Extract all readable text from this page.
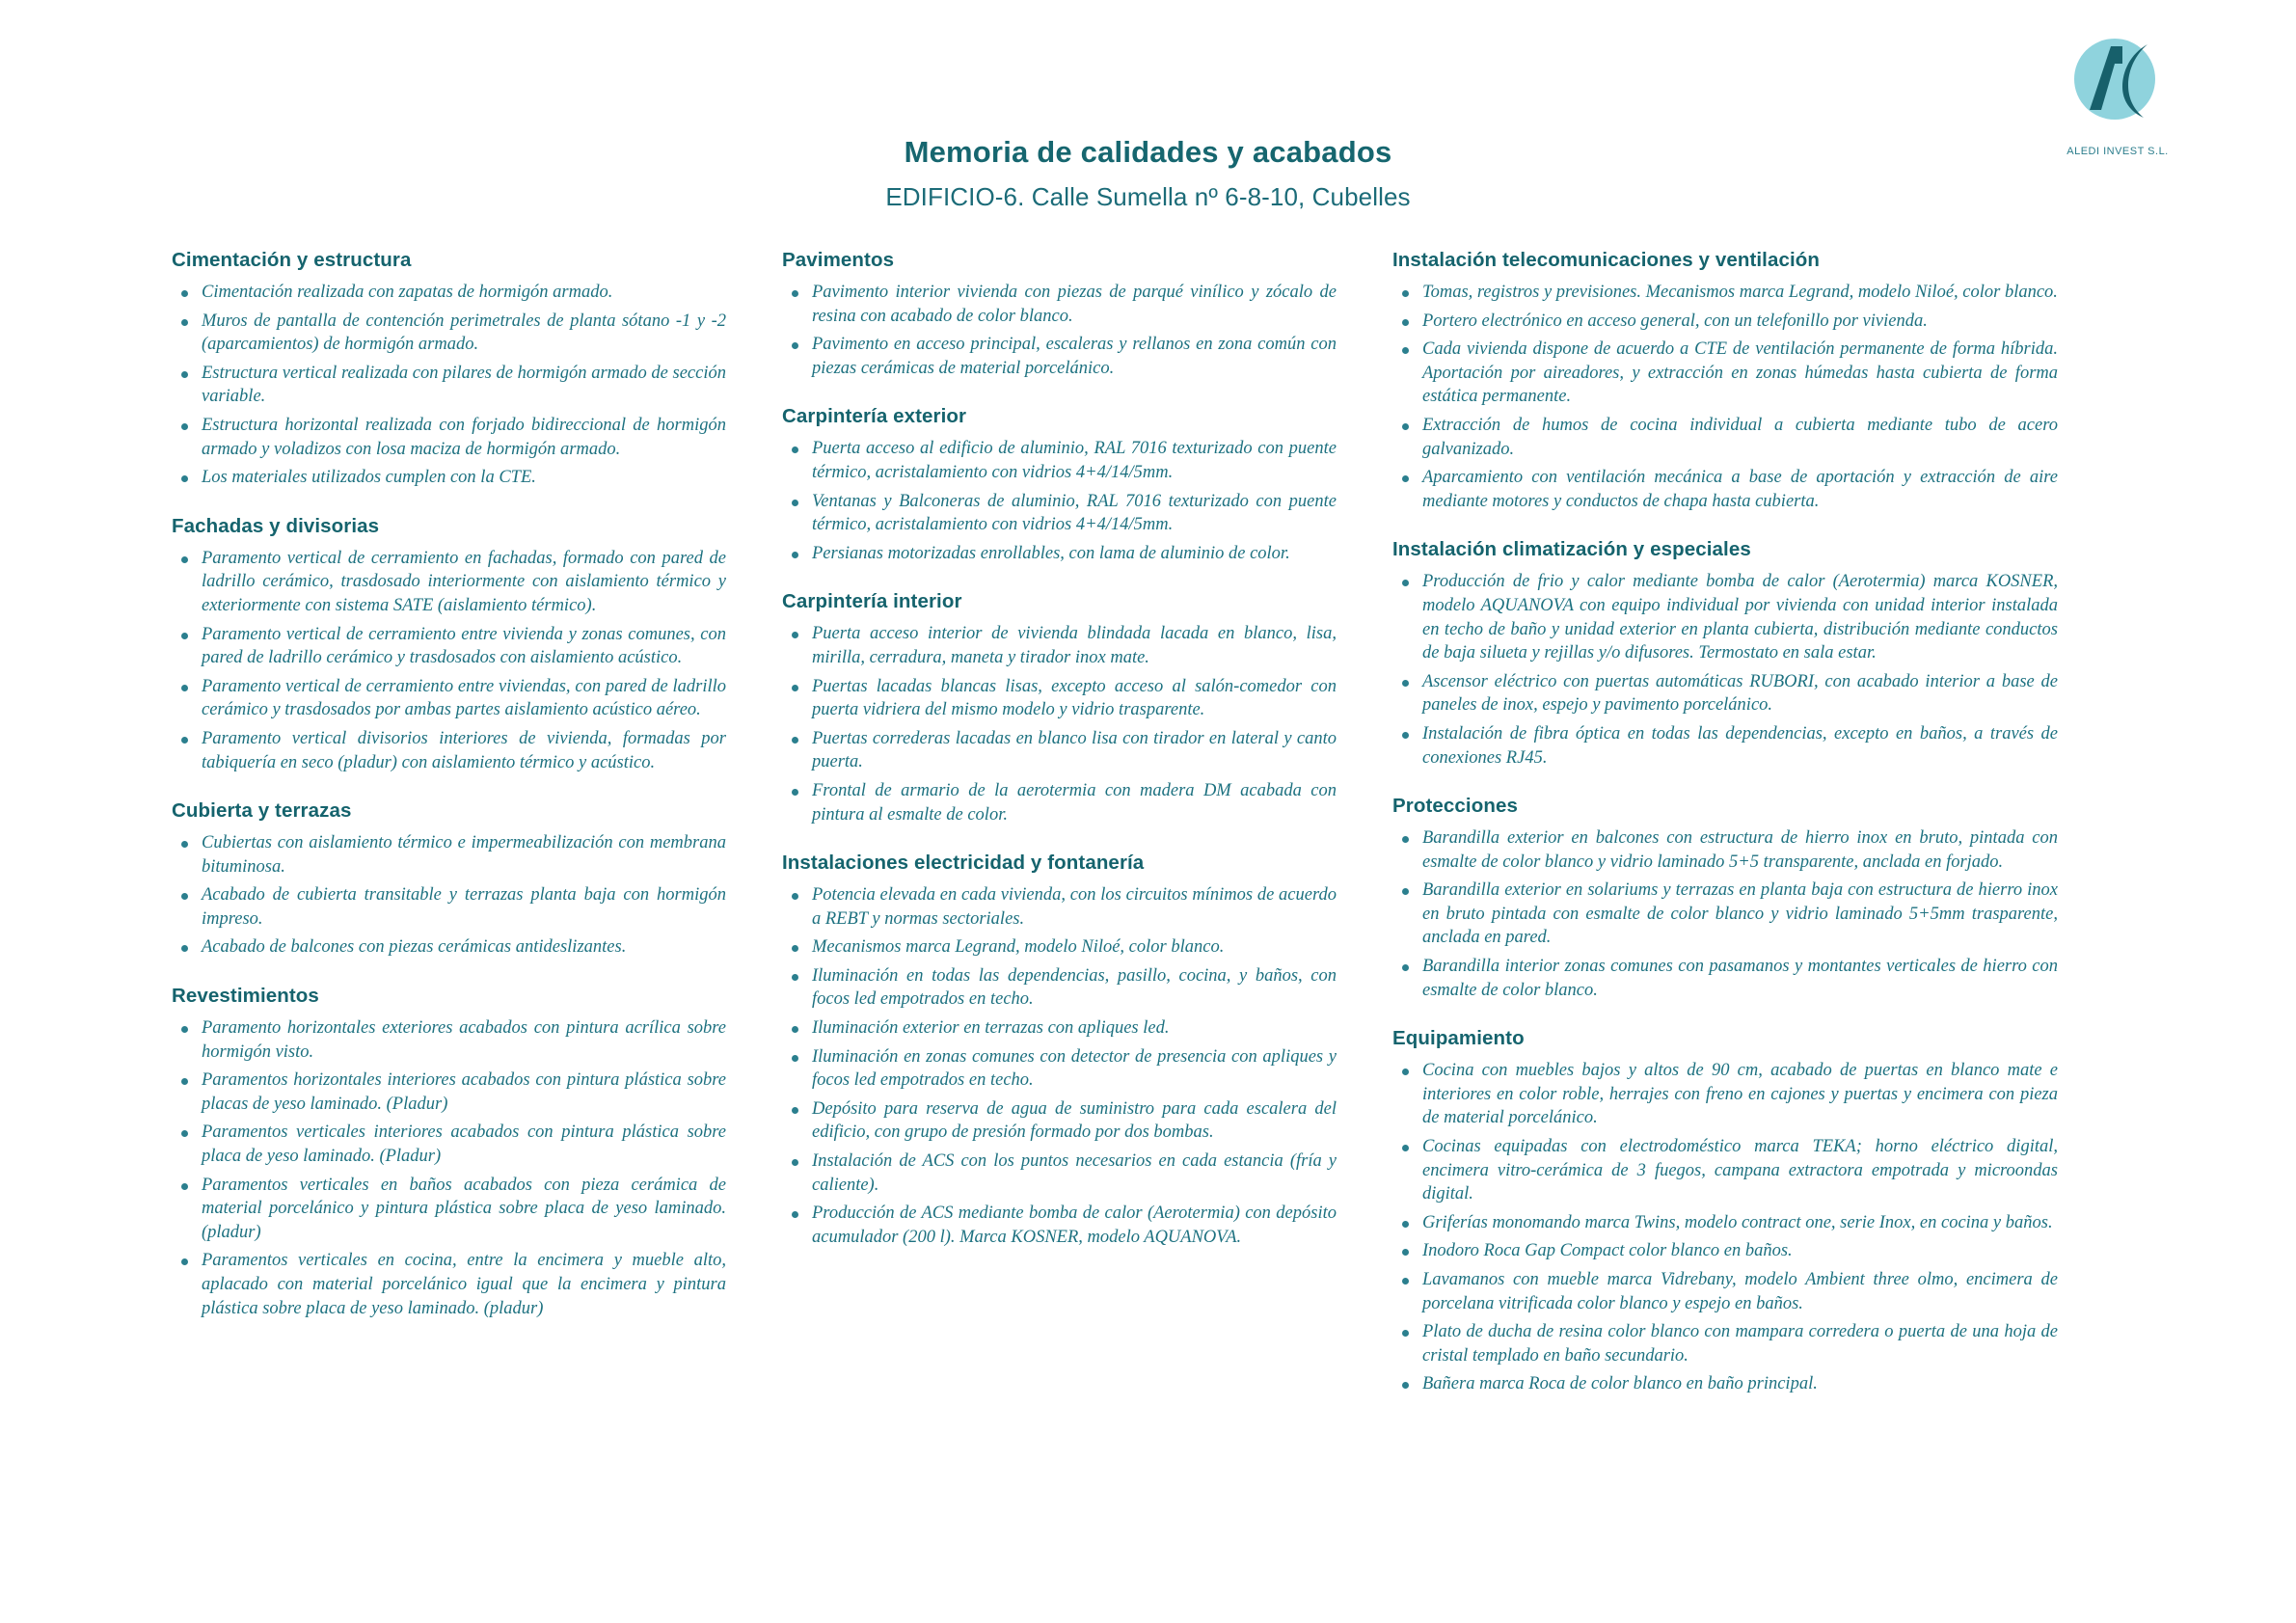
ALEDI INVEST S.L.
Memoria de calidades y acabados
EDIFICIO-6. Calle Sumella nº 6-8-10, Cubelles
Cimentación y estructura
Cimentación realizada con zapatas de hormigón armado.
Muros de pantalla de contención perimetrales de planta sótano -1 y -2 (aparcamientos) de hormigón armado.
Estructura vertical realizada con pilares de hormigón armado de sección variable.
Estructura horizontal realizada con forjado bidireccional de hormigón armado y voladizos con losa maciza de hormigón armado.
Los materiales utilizados cumplen con la CTE.
Fachadas y divisorias
Paramento vertical de cerramiento en fachadas, formado con pared de ladrillo cerámico, trasdosado interiormente con aislamiento térmico y exteriormente con sistema SATE (aislamiento térmico).
Paramento vertical de cerramiento entre vivienda y zonas comunes, con pared de ladrillo cerámico y trasdosados con aislamiento acústico.
Paramento vertical de cerramiento entre viviendas, con pared de ladrillo cerámico y trasdosados por ambas partes aislamiento acústico aéreo.
Paramento vertical divisorios interiores de vivienda, formadas por tabiquería en seco (pladur) con aislamiento térmico y acústico.
Cubierta y terrazas
Cubiertas con aislamiento térmico e impermeabilización con membrana bituminosa.
Acabado de cubierta transitable y terrazas planta baja con hormigón impreso.
Acabado de balcones con piezas cerámicas antideslizantes.
Revestimientos
Paramento horizontales exteriores acabados con pintura acrílica sobre hormigón visto.
Paramentos horizontales interiores acabados con pintura plástica sobre placas de yeso laminado. (Pladur)
Paramentos verticales interiores acabados con pintura plástica sobre placa de yeso laminado. (Pladur)
Paramentos verticales en baños acabados con pieza cerámica de material porcelánico y pintura plástica sobre placa de yeso laminado. (pladur)
Paramentos verticales en cocina, entre la encimera y mueble alto, aplacado con material porcelánico igual que la encimera y pintura plástica sobre placa de yeso laminado. (pladur)
Pavimentos
Pavimento interior vivienda con piezas de parqué vinílico y zócalo de resina con acabado de color blanco.
Pavimento en acceso principal, escaleras y rellanos en zona común con piezas cerámicas de material porcelánico.
Carpintería exterior
Puerta acceso al edificio de aluminio, RAL 7016 texturizado con puente térmico, acristalamiento con vidrios 4+4/14/5mm.
Ventanas y Balconeras de aluminio, RAL 7016 texturizado con puente térmico, acristalamiento con vidrios 4+4/14/5mm.
Persianas motorizadas enrollables, con lama de aluminio de color.
Carpintería interior
Puerta acceso interior de vivienda blindada lacada en blanco, lisa, mirilla, cerradura, maneta y tirador inox mate.
Puertas lacadas blancas lisas, excepto acceso al salón-comedor con puerta vidriera del mismo modelo y vidrio trasparente.
Puertas correderas lacadas en blanco lisa con tirador en lateral y canto puerta.
Frontal de armario de la aerotermia con madera DM acabada con pintura al esmalte de color.
Instalaciones electricidad y fontanería
Potencia elevada en cada vivienda, con los circuitos mínimos de acuerdo a REBT y normas sectoriales.
Mecanismos marca Legrand, modelo Niloé, color blanco.
Iluminación en todas las dependencias, pasillo, cocina, y baños, con focos led empotrados en techo.
Iluminación exterior en terrazas con apliques led.
Iluminación en zonas comunes con detector de presencia con apliques y focos led empotrados en techo.
Depósito para reserva de agua de suministro para cada escalera del edificio, con grupo de presión formado por dos bombas.
Instalación de ACS con los puntos necesarios en cada estancia (fría y caliente).
Producción de ACS mediante bomba de calor (Aerotermia) con depósito acumulador (200 l). Marca KOSNER, modelo AQUANOVA.
Instalación telecomunicaciones y ventilación
Tomas, registros y previsiones. Mecanismos marca Legrand, modelo Niloé, color blanco.
Portero electrónico en acceso general, con un telefonillo por vivienda.
Cada vivienda dispone de acuerdo a CTE de ventilación permanente de forma híbrida. Aportación por aireadores, y extracción en zonas húmedas hasta cubierta de forma estática permanente.
Extracción de humos de cocina individual a cubierta mediante tubo de acero galvanizado.
Aparcamiento con ventilación mecánica a base de aportación y extracción de aire mediante motores y conductos de chapa hasta cubierta.
Instalación climatización y especiales
Producción de frio y calor mediante bomba de calor (Aerotermia) marca KOSNER, modelo AQUANOVA con equipo individual por vivienda con unidad interior instalada en techo de baño y unidad exterior en planta cubierta, distribución mediante conductos de baja silueta y rejillas y/o difusores. Termostato en sala estar.
Ascensor eléctrico con puertas automáticas RUBORI, con acabado interior a base de paneles de inox, espejo y pavimento porcelánico.
Instalación de fibra óptica en todas las dependencias, excepto en baños, a través de conexiones RJ45.
Protecciones
Barandilla exterior en balcones con estructura de hierro inox en bruto, pintada con esmalte de color blanco y vidrio laminado 5+5 transparente, anclada en forjado.
Barandilla exterior en solariums y terrazas en planta baja con estructura de hierro inox en bruto pintada con esmalte de color blanco y vidrio laminado 5+5mm trasparente, anclada en pared.
Barandilla interior zonas comunes con pasamanos y montantes verticales de hierro con esmalte de color blanco.
Equipamiento
Cocina con muebles bajos y altos de 90 cm, acabado de puertas en blanco mate e interiores en color roble, herrajes con freno en cajones y puertas y encimera con pieza de material porcelánico.
Cocinas equipadas con electrodoméstico marca TEKA; horno eléctrico digital, encimera vitro-cerámica de 3 fuegos, campana extractora empotrada y microondas digital.
Griferías monomando marca Twins, modelo contract one, serie Inox, en cocina y baños.
Inodoro Roca Gap Compact color blanco en baños.
Lavamanos con mueble marca Vidrebany, modelo Ambient three olmo, encimera de porcelana vitrificada color blanco y espejo en baños.
Plato de ducha de resina color blanco con mampara corredera o puerta de una hoja de cristal templado en baño secundario.
Bañera marca Roca de color blanco en baño principal.
